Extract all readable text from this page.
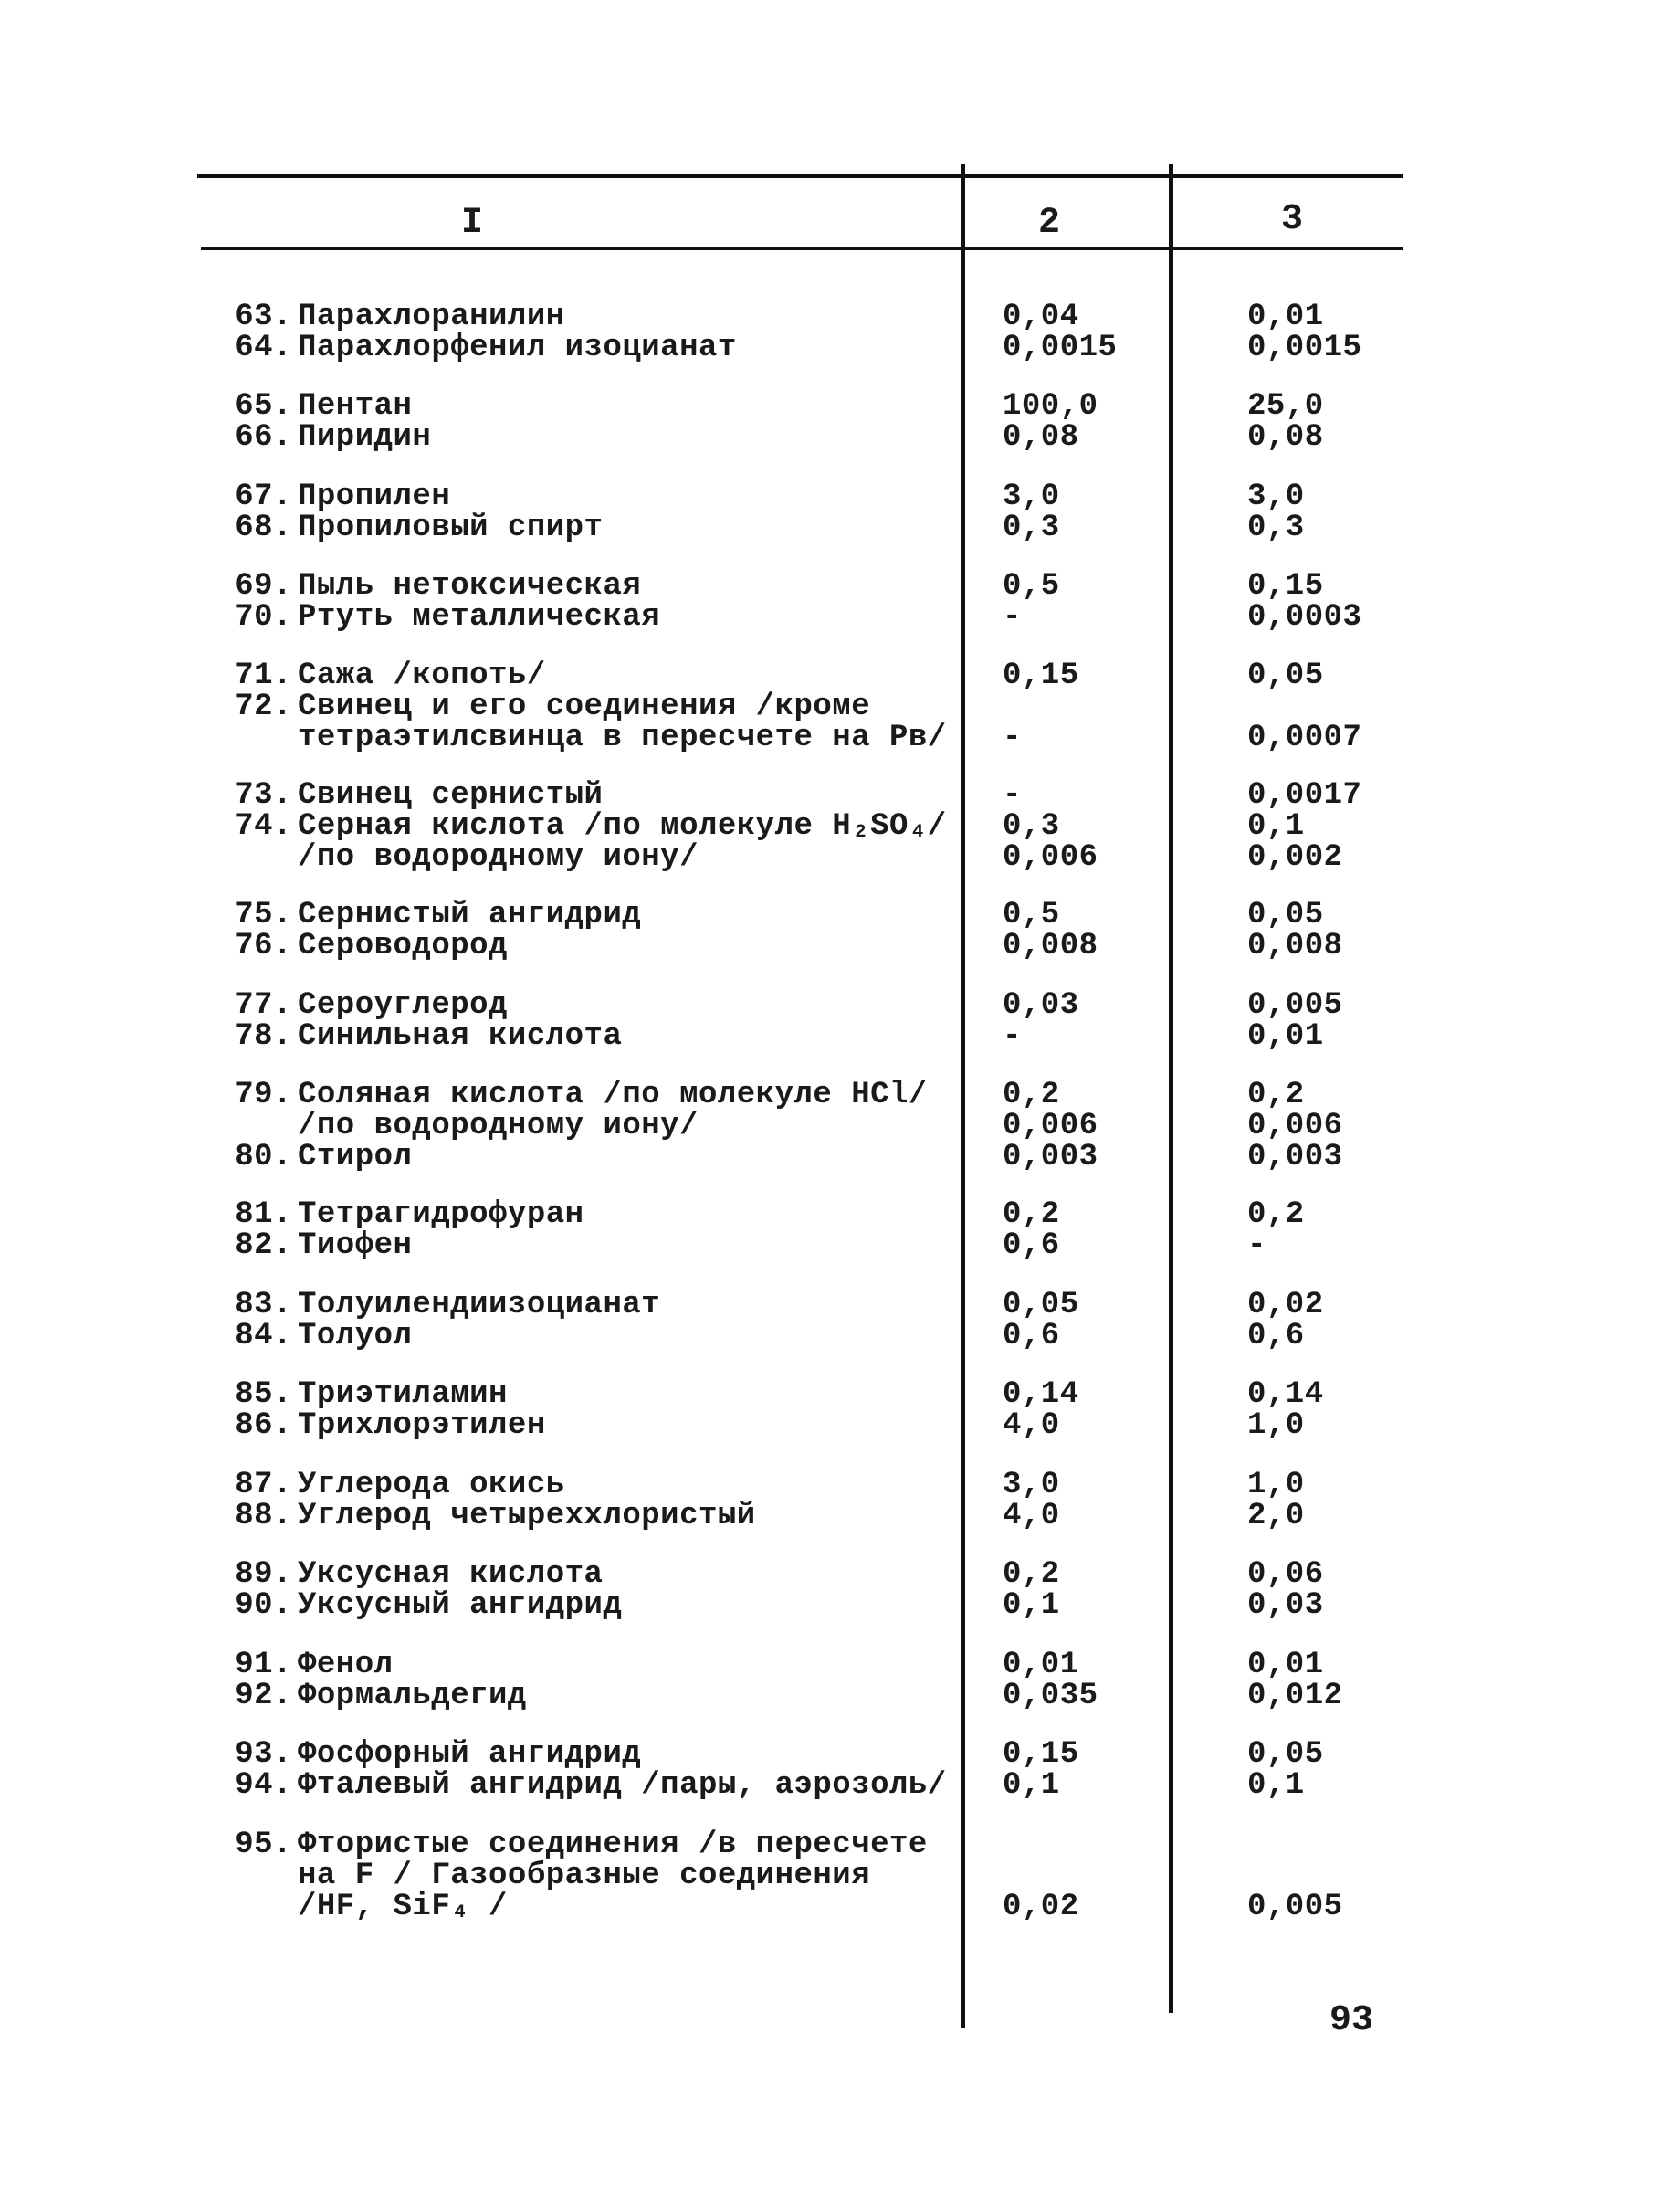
I	2	3
63. Парахлоранилин	0,04	0,01
64. Парахлорфенил изоцианат	0,0015	0,0015
65. Пентан	100,0	25,0
66. Пиридин	0,08	0,08
67. Пропилен	3,0	3,0
68. Пропиловый спирт	0,3	0,3
69. Пыль нетоксическая	0,5	0,15
70. Ртуть металлическая	-	0,0003
71. Сажа /копоть/	0,15	0,05
72. Свинец и его соединения /кроме
тетраэтилсвинца в пересчете на Рв/ -	0,0007
73. Свинец сернистый	-	0,0017
74. Серная кислота /по молекуле H₂SO₄/ 0,3	0,1
/по водородному иону/	0,006	0,002
75. Сернистый ангидрид	0,5	0,05
76. Сероводород	0,008	0,008
77. Сероуглерод	0,03	0,005
78. Синильная кислота	-	0,01
79. Соляная кислота /по молекуле HCl/ 0,2	0,2
/по водородному иону/	0,006	0,006
80. Стирол	0,003	0,003
81. Тетрагидрофуран	0,2	0,2
82. Тиофен	0,6	-
83. Толуилендиизоцианат	0,05	0,02
84. Толуол	0,6	0,6
85. Триэтиламин	0,14	0,14
86. Трихлорэтилен	4,0	1,0
87. Углерода окись	3,0	1,0
88. Углерод четыреххлористый	4,0	2,0
89. Уксусная кислота	0,2	0,06
90. Уксусный ангидрид	0,1	0,03
91. Фенол	0,01	0,01
92. Формальдегид	0,035	0,012
93. Фосфорный ангидрид	0,15	0,05
94. Фталевый ангидрид /пары, аэрозоль/ 0,1	0,1
95. Фтористые соединения /в пересчете
на F / Газообразные соединения
/HF, SiF₄ /	0,02	0,005
93
